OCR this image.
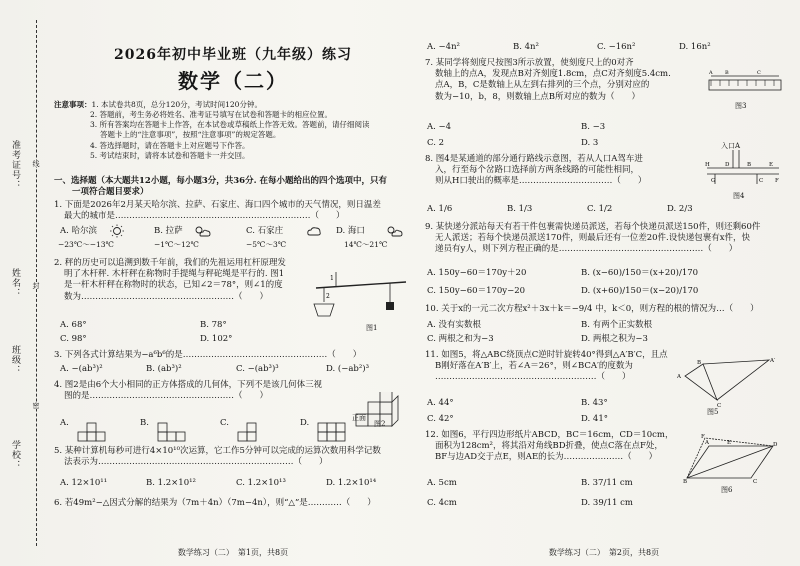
准考证号：
姓名：
班级：
学校：
线
封
密
2026年初中毕业班（九年级）练习
数学（二）
注意事项：1. 本试卷共8页，总分120分，考试时间120分钟。
2. 答题前，考生务必将姓名、准考证号填写在试卷和答题卡的相应位置。
3. 所有答案均在答题卡上作答，在本试卷或草稿纸上作答无效。答题前，请仔细阅读
答题卡上的“注意事项”，按照“注意事项”的规定答题。
4. 答选择题时，请在答题卡上对应题号下作答。
5. 考试结束时，请将本试卷和答题卡一并交回。
一、选择题（本大题共12小题，每小题3分，共36分. 在每小题给出的四个选项中，只有
一项符合题目要求）
1. 下面是2026年2月某天哈尔滨、拉萨、石家庄、海口四个城市的天气情况，则日温差
最大的城市是……………………………………………………………（　　）
A. 哈尔滨	B. 拉萨	C. 石家庄	D. 海口
−23℃～−13℃	−1℃～12℃	−5℃～3℃	14℃～21℃
2. 秤的历史可以追溯到数千年前，我们的先祖运用杠杆原理发
明了木杆秤. 木杆秤在称物时手提绳与秤砣绳是平行的. 图1
是一杆木杆秤在称物时的状态，已知∠2＝78°，则∠1的度
数为………………………………………………（　　）
1
2
图1
A. 68°	B. 78°
C. 98°	D. 102°
3. 下列各式计算结果为−a⁶b⁶的是……………………………………………（　　）
A. −(ab³)²	B. (ab³)²	C. −(ab³)³	D. (−ab²)³
4. 图2是由6个大小相同的正方体搭成的几何体，下列不是该几何体三视
图的是……………………………………………（　　）
图2
正面
A.	B.	C.	D.
5. 某种计算机每秒可进行4×10¹⁰次运算，它工作5分钟可以完成的运算次数用科学记数
法表示为……………………………………………………………（　　）
A. 12×10¹¹	B. 1.2×10¹²	C. 1.2×10¹³	D. 1.2×10¹⁴
6. 若49m²−△因式分解的结果为（7m＋4n）（7m−4n），则“△”是…………（　　）
数学练习（二）　第1页，共8页
A. −4n²	B. 4n²	C. −16n²	D. 16n²
7. 某同学将刻度尺按图3所示放置，使刻度尺上的0对齐
数轴上的点A，发现点B对齐刻度1.8cm，点C对齐刻度5.4cm.
点A，B，C是数轴上从左到右排列的三个点，分别对应的
数为−10，b，8，则数轴上点B所对应的数为（　　）
A B	C
图3
A. −4	B. −3
C. 2	D. 3
8. 图4是某通道的部分通行路线示意图，若从人口A驾车进
入，行至每个岔路口选择前方两条线路的可能性相同，
则从H口驶出的概率是……………………………（　　）
入口A
H	D	B	E
G	C F
图4
A. 1/6	B. 1/3	C. 1/2	D. 2/3
9. 某快递分派站每天有若干件包裹需快递员派送，若每个快递员派送150件，则还剩60件
无人派送；若每个快递员派送170件，则最后还有一位差20件.设快递包裹有x件，快
递员有y人，则下列方程正确的是……………………………………………（　　）
A. 150y−60＝170y＋20	B. (x−60)/150＝(x+20)/170
C. 150y−60＝170y−20	D. (x+60)/150＝(x−20)/170
10. 关于x的一元二次方程x²＋3x＋k＝−9/4 中，k＜0，则方程的根的情况为…（　　）
A. 没有实数根	B. 有两个正实数根
C. 两根之和为−3	D. 两根之积为−3
11. 如图5，将△ABC绕顶点C逆时针旋转40°得到△A′B′C，且点
B刚好落在A′B′上，若∠A＝26°，则∠BCA′的度数为
…………………………………………………（　　）	A
B
C
A′
图5
A. 44°	B. 43°
C. 42°	D. 41°
12. 如图6，平行四边形纸片ABCD，BC＝16cm，CD＝10cm，
面积为128cm²，将其沿对角线BD折叠，使点C落在点F处，
BF与边AD交于点E，则AE的长为…………………（　　）
B
A
F
E	D
C
图6
A. 5cm	B. 37/11 cm
C. 4cm	D. 39/11 cm
数学练习（二）　第2页，共8页
